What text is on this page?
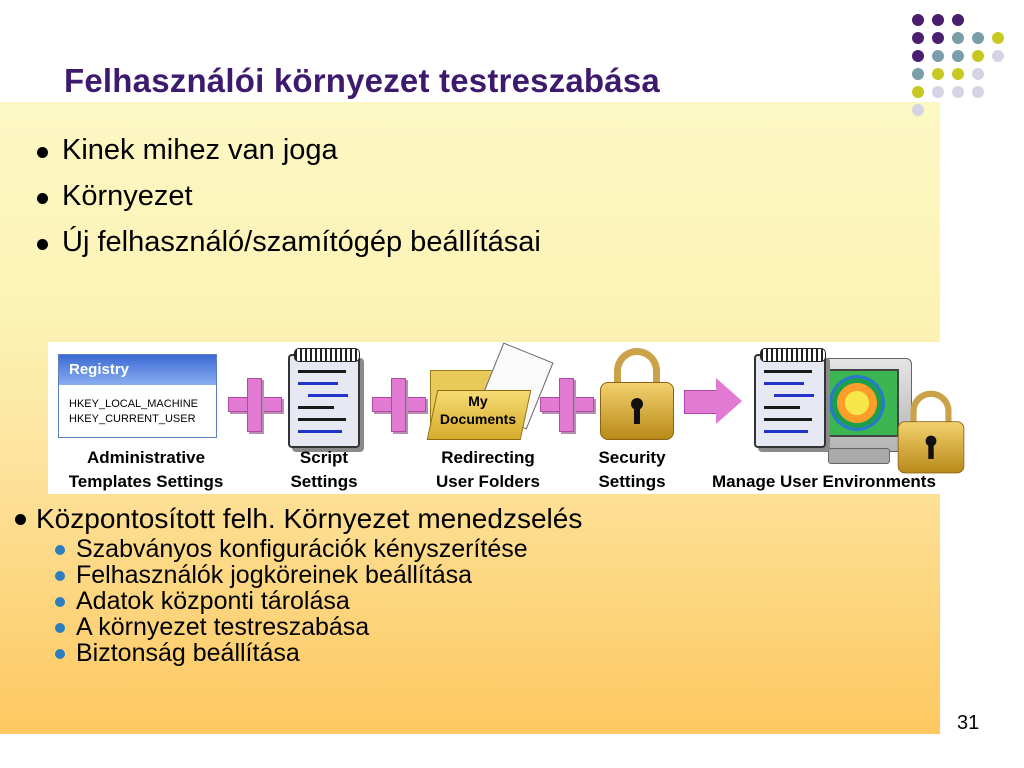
Felhasználói környezet testreszabása
Kinek mihez van joga
Környezet
Új felhasználó/szamítógép beállításai
Registry
HKEY_LOCAL_MACHINE
HKEY_CURRENT_USER
My
Documents
Administrative
Templates Settings
Script
Settings
Redirecting
User Folders
Security
Settings	Manage User Environments
Központosított felh. Környezet menedzselés
Szabványos konfigurációk kényszerítése
Felhasználók jogköreinek beállítása
Adatok központi tárolása
A környezet testreszabása
Biztonság beállítása
31
